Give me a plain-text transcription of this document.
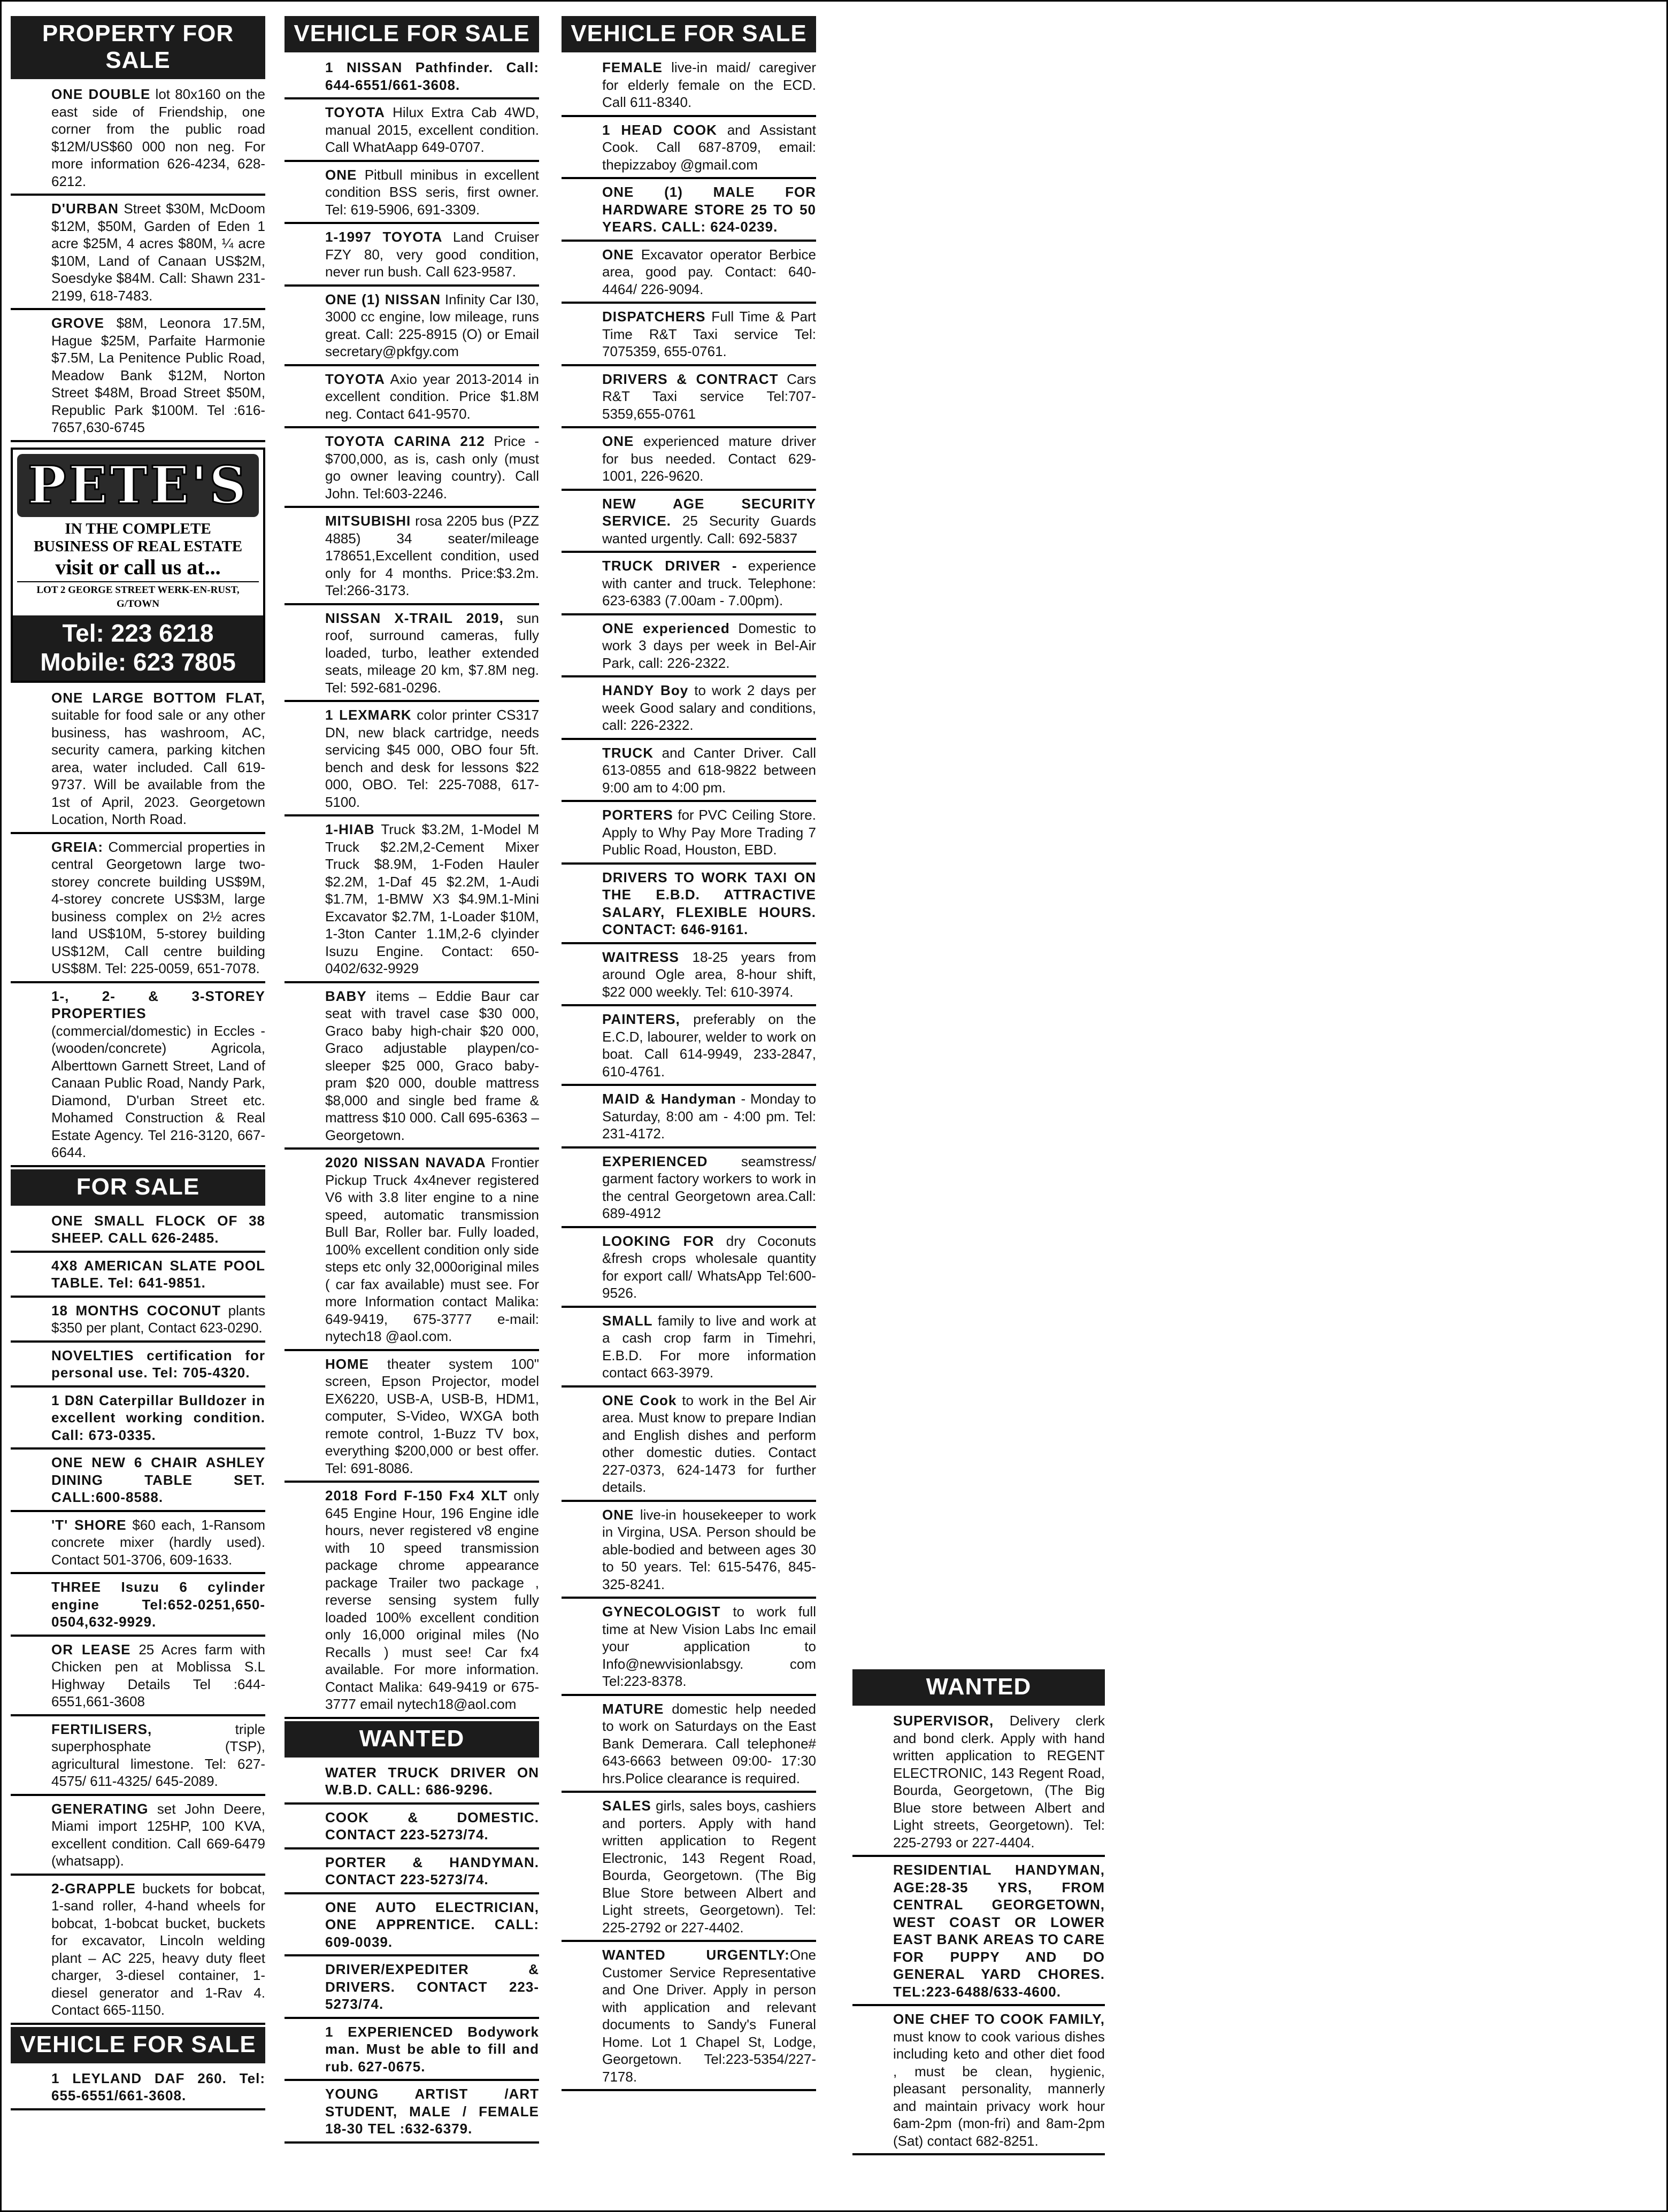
PROPERTY FOR SALE
ONE DOUBLE lot 80x160 on the east side of Friendship, one corner from the public road $12M/US$60 000 non neg. For more information 626-4234, 628-6212.
D'URBAN Street $30M, McDoom $12M, $50M, Garden of Eden 1 acre $25M, 4 acres $80M, ¼ acre $10M, Land of Canaan US$2M, Soesdyke $84M. Call: Shawn 231-2199, 618-7483.
GROVE $8M, Leonora 17.5M, Hague $25M, Parfaite Harmonie $7.5M, La Penitence Public Road, Meadow Bank $12M, Norton Street $48M, Broad Street $50M, Republic Park $100M. Tel :616-7657,630-6745
PETE'S
IN THE COMPLETE
BUSINESS OF REAL ESTATE
visit or call us at...
LOT 2 GEORGE STREET WERK-EN-RUST, G/TOWN
Tel: 223 6218
Mobile: 623 7805
ONE LARGE BOTTOM FLAT, suitable for food sale or any other business, has washroom, AC, security camera, parking kitchen area, water included. Call 619-9737. Will be available from the 1st of April, 2023. Georgetown Location, North Road.
GREIA: Commercial properties in central Georgetown large two-storey concrete building US$9M, 4-storey concrete US$3M, large business complex on 2½ acres land US$10M, 5-storey building US$12M, Call centre building US$8M. Tel: 225-0059, 651-7078.
1-, 2- & 3-STOREY PROPERTIES (commercial/domestic) in Eccles - (wooden/concrete) Agricola, Alberttown Garnett Street, Land of Canaan Public Road, Nandy Park, Diamond, D'urban Street etc. Mohamed Construction & Real Estate Agency. Tel 216-3120, 667-6644.
FOR SALE
ONE SMALL FLOCK OF 38 SHEEP. CALL 626-2485.
4X8 AMERICAN SLATE POOL TABLE. Tel: 641-9851.
18 MONTHS COCONUT plants $350 per plant, Contact 623-0290.
NOVELTIES certification for personal use. Tel: 705-4320.
1 D8N Caterpillar Bulldozer in excellent working condition. Call: 673-0335.
ONE NEW 6 CHAIR ASHLEY DINING TABLE SET. CALL:600-8588.
'T' SHORE $60 each, 1-Ransom concrete mixer (hardly used). Contact 501-3706, 609-1633.
THREE Isuzu 6 cylinder engine Tel:652-0251,650-0504,632-9929.
OR LEASE 25 Acres farm with Chicken pen at Moblissa S.L Highway Details Tel :644-6551,661-3608
FERTILISERS, triple superphosphate (TSP), agricultural limestone. Tel: 627-4575/ 611-4325/ 645-2089.
GENERATING set John Deere, Miami import 125HP, 100 KVA, excellent condition. Call 669-6479 (whatsapp).
2-GRAPPLE buckets for bobcat, 1-sand roller, 4-hand wheels for bobcat, 1-bobcat bucket, buckets for excavator, Lincoln welding plant – AC 225, heavy duty fleet charger, 3-diesel container, 1-diesel generator and 1-Rav 4. Contact 665-1150.
VEHICLE FOR SALE
1 LEYLAND DAF 260. Tel: 655-6551/661-3608.
VEHICLE FOR SALE
1 NISSAN Pathfinder. Call: 644-6551/661-3608.
TOYOTA Hilux Extra Cab 4WD, manual 2015, excellent condition. Call WhatAapp 649-0707.
ONE Pitbull minibus in excellent condition BSS seris, first owner. Tel: 619-5906, 691-3309.
1-1997 TOYOTA Land Cruiser FZY 80, very good condition, never run bush. Call 623-9587.
ONE (1) NISSAN Infinity Car I30, 3000 cc engine, low mileage, runs great. Call: 225-8915 (O) or Email secretary@pkfgy.com
TOYOTA Axio year 2013-2014 in excellent condition. Price $1.8M neg. Contact 641-9570.
TOYOTA CARINA 212 Price - $700,000, as is, cash only (must go owner leaving country). Call John. Tel:603-2246.
MITSUBISHI rosa 2205 bus (PZZ 4885) 34 seater/mileage 178651,Excellent condition, used only for 4 months. Price:$3.2m. Tel:266-3173.
NISSAN X-TRAIL 2019, sun roof, surround cameras, fully loaded, turbo, leather extended seats, mileage 20 km, $7.8M neg. Tel: 592-681-0296.
1 LEXMARK color printer CS317 DN, new black cartridge, needs servicing $45 000, OBO four 5ft. bench and desk for lessons $22 000, OBO. Tel: 225-7088, 617-5100.
1-HIAB Truck $3.2M, 1-Model M Truck $2.2M,2-Cement Mixer Truck $8.9M, 1-Foden Hauler $2.2M, 1-Daf 45 $2.2M, 1-Audi $1.7M, 1-BMW X3 $4.9M.1-Mini Excavator $2.7M, 1-Loader $10M, 1-3ton Canter 1.1M,2-6 clyinder Isuzu Engine. Contact: 650-0402/632-9929
BABY items – Eddie Baur car seat with travel case $30 000, Graco baby high-chair $20 000, Graco adjustable playpen/co-sleeper $25 000, Graco baby-pram $20 000, double mattress $8,000 and single bed frame & mattress $10 000. Call 695-6363 – Georgetown.
2020 NISSAN NAVADA Frontier Pickup Truck 4x4never registered V6 with 3.8 liter engine to a nine speed, automatic transmission Bull Bar, Roller bar. Fully loaded, 100% excellent condition only side steps etc only 32,000original miles ( car fax available) must see. For more Information contact Malika: 649-9419, 675-3777 e-mail: nytech18 @aol.com.
HOME theater system 100" screen, Epson Projector, model EX6220, USB-A, USB-B, HDM1, computer, S-Video, WXGA both remote control, 1-Buzz TV box, everything $200,000 or best offer. Tel: 691-8086.
2018 Ford F-150 Fx4 XLT only 645 Engine Hour, 196 Engine idle hours, never registered v8 engine with 10 speed transmission package chrome appearance package Trailer two package , reverse sensing system fully loaded 100% excellent condition only 16,000 original miles (No Recalls ) must see! Car fx4 available. For more information. Contact Malika: 649-9419 or 675-3777 email nytech18@aol.com
WANTED
WATER TRUCK DRIVER ON W.B.D. CALL: 686-9296.
COOK & DOMESTIC. CONTACT 223-5273/74.
PORTER & HANDYMAN. CONTACT 223-5273/74.
ONE AUTO ELECTRICIAN, ONE APPRENTICE. CALL: 609-0039.
DRIVER/EXPEDITER & DRIVERS. CONTACT 223-5273/74.
1 EXPERIENCED Bodywork man. Must be able to fill and rub. 627-0675.
YOUNG ARTIST /ART STUDENT, MALE / FEMALE 18-30 TEL :632-6379.
VEHICLE FOR SALE
FEMALE live-in maid/ caregiver for elderly female on the ECD. Call 611-8340.
1 HEAD COOK and Assistant Cook. Call 687-8709, email: thepizzaboy @gmail.com
ONE (1) MALE FOR HARDWARE STORE 25 TO 50 YEARS. CALL: 624-0239.
ONE Excavator operator Berbice area, good pay. Contact: 640-4464/ 226-9094.
DISPATCHERS Full Time & Part Time R&T Taxi service Tel: 7075359, 655-0761.
DRIVERS & CONTRACT Cars R&T Taxi service Tel:707-5359,655-0761
ONE experienced mature driver for bus needed. Contact 629-1001, 226-9620.
NEW AGE SECURITY SERVICE. 25 Security Guards wanted urgently. Call: 692-5837
TRUCK DRIVER - experience with canter and truck. Telephone: 623-6383 (7.00am - 7.00pm).
ONE experienced Domestic to work 3 days per week in Bel-Air Park, call: 226-2322.
HANDY Boy to work 2 days per week Good salary and conditions, call: 226-2322.
TRUCK and Canter Driver. Call 613-0855 and 618-9822 between 9:00 am to 4:00 pm.
PORTERS for PVC Ceiling Store. Apply to Why Pay More Trading 7 Public Road, Houston, EBD.
DRIVERS TO WORK TAXI ON THE E.B.D. ATTRACTIVE SALARY, FLEXIBLE HOURS. CONTACT: 646-9161.
WAITRESS 18-25 years from around Ogle area, 8-hour shift, $22 000 weekly. Tel: 610-3974.
PAINTERS, preferably on the E.C.D, labourer, welder to work on boat. Call 614-9949, 233-2847, 610-4761.
MAID & Handyman - Monday to Saturday, 8:00 am - 4:00 pm. Tel: 231-4172.
EXPERIENCED seamstress/ garment factory workers to work in the central Georgetown area.Call: 689-4912
LOOKING FOR dry Coconuts &fresh crops wholesale quantity for export call/ WhatsApp Tel:600-9526.
SMALL family to live and work at a cash crop farm in Timehri, E.B.D. For more information contact 663-3979.
ONE Cook to work in the Bel Air area. Must know to prepare Indian and English dishes and perform other domestic duties. Contact 227-0373, 624-1473 for further details.
ONE live-in housekeeper to work in Virgina, USA. Person should be able-bodied and between ages 30 to 50 years. Tel: 615-5476, 845-325-8241.
GYNECOLOGIST to work full time at New Vision Labs Inc email your application to Info@newvisionlabsgy. com Tel:223-8378.
MATURE domestic help needed to work on Saturdays on the East Bank Demerara. Call telephone# 643-6663 between 09:00- 17:30 hrs.Police clearance is required.
SALES girls, sales boys, cashiers and porters. Apply with hand written application to Regent Electronic, 143 Regent Road, Bourda, Georgetown. (The Big Blue Store between Albert and Light streets, Georgetown). Tel: 225-2792 or 227-4402.
WANTED URGENTLY:One Customer Service Representative and One Driver. Apply in person with application and relevant documents to Sandy's Funeral Home. Lot 1 Chapel St, Lodge, Georgetown. Tel:223-5354/227-7178.
WANTED
SUPERVISOR, Delivery clerk and bond clerk. Apply with hand written application to REGENT ELECTRONIC, 143 Regent Road, Bourda, Georgetown, (The Big Blue store between Albert and Light streets, Georgetown). Tel: 225-2793 or 227-4404.
RESIDENTIAL HANDYMAN, AGE:28-35 YRS, FROM CENTRAL GEORGETOWN, WEST COAST OR LOWER EAST BANK AREAS TO CARE FOR PUPPY AND DO GENERAL YARD CHORES. TEL:223-6488/633-4600.
ONE CHEF TO COOK FAMILY, must know to cook various dishes including keto and other diet food , must be clean, hygienic, pleasant personality, mannerly and maintain privacy work hour 6am-2pm (mon-fri) and 8am-2pm (Sat) contact 682-8251.
